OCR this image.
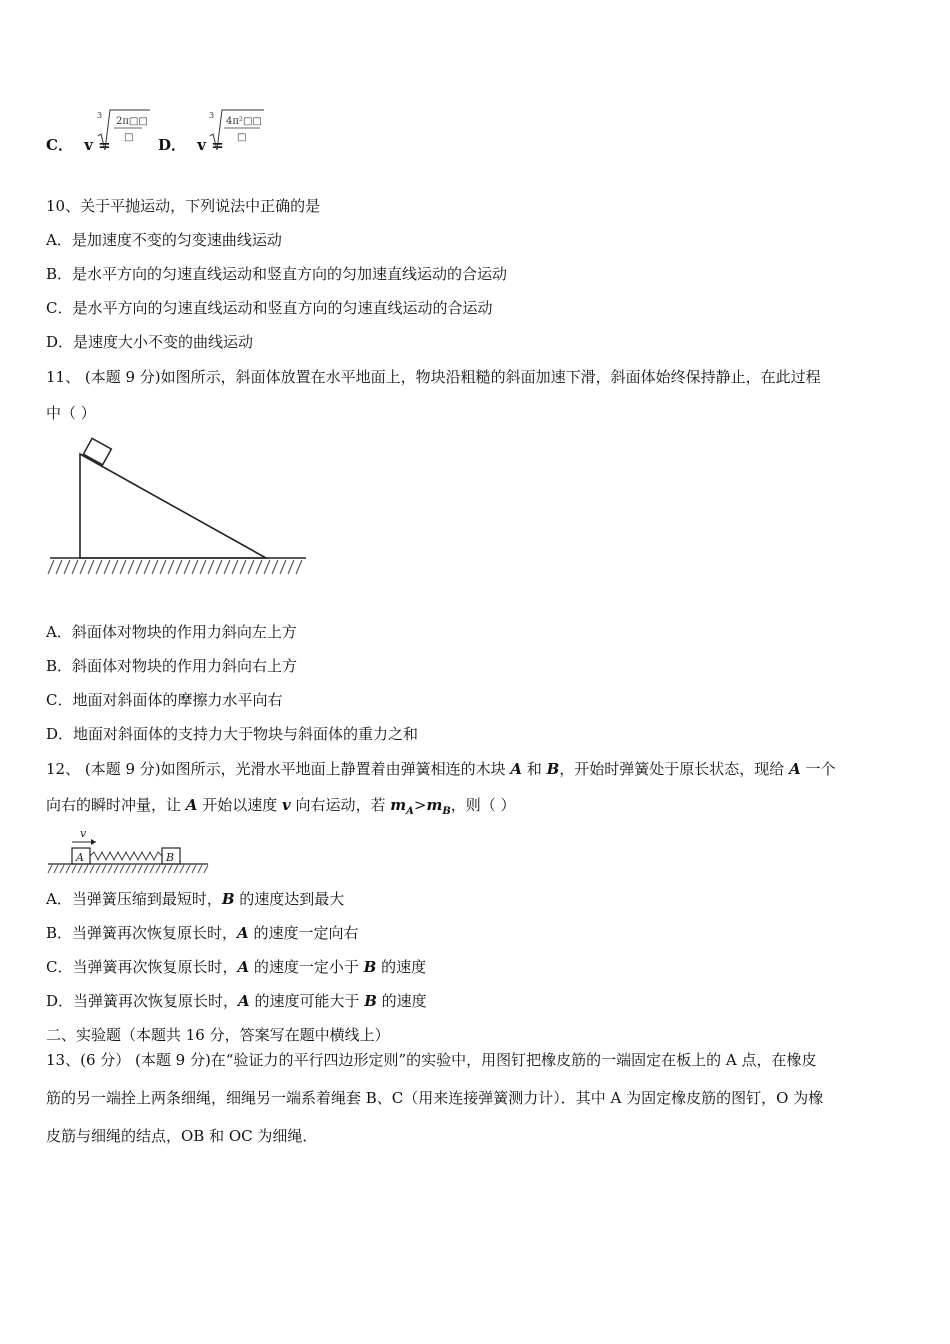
C． v =
3
2π□□
□ D． v =
3
4π²□□
□
10、关于平抛运动，下列说法中正确的是
A．是加速度不变的匀变速曲线运动
B．是水平方向的匀速直线运动和竖直方向的匀加速直线运动的合运动
C．是水平方向的匀速直线运动和竖直方向的匀速直线运动的合运动
D．是速度大小不变的曲线运动
11、 (本题 9 分)如图所示，斜面体放置在水平地面上，物块沿粗糙的斜面加速下滑，斜面体始终保持静止，在此过程
中（ ）
A．斜面体对物块的作用力斜向左上方
B．斜面体对物块的作用力斜向右上方
C．地面对斜面体的摩擦力水平向右
D．地面对斜面体的支持力大于物块与斜面体的重力之和
12、 (本题 9 分)如图所示，光滑水平地面上静置着由弹簧相连的木块 A 和 B，开始时弹簧处于原长状态，现给 A 一个
向右的瞬时冲量，让 A 开始以速度 v 向右运动，若 $m_A>m_B$，则（ ）
v
A	B
A．当弹簧压缩到最短时，B 的速度达到最大
B．当弹簧再次恢复原长时，A 的速度一定向右
C．当弹簧再次恢复原长时，A 的速度一定小于 B 的速度
D．当弹簧再次恢复原长时，A 的速度可能大于 B 的速度
二、实验题（本题共 16 分，答案写在题中横线上）
13、(6 分） (本题 9 分)在“验证力的平行四边形定则”的实验中，用图钉把橡皮筋的一端固定在板上的 A 点，在橡皮
筋的另一端拴上两条细绳，细绳另一端系着绳套 B、C（用来连接弹簧测力计）．其中 A 为固定橡皮筋的图钉，O 为橡
皮筋与细绳的结点，OB 和 OC 为细绳．
